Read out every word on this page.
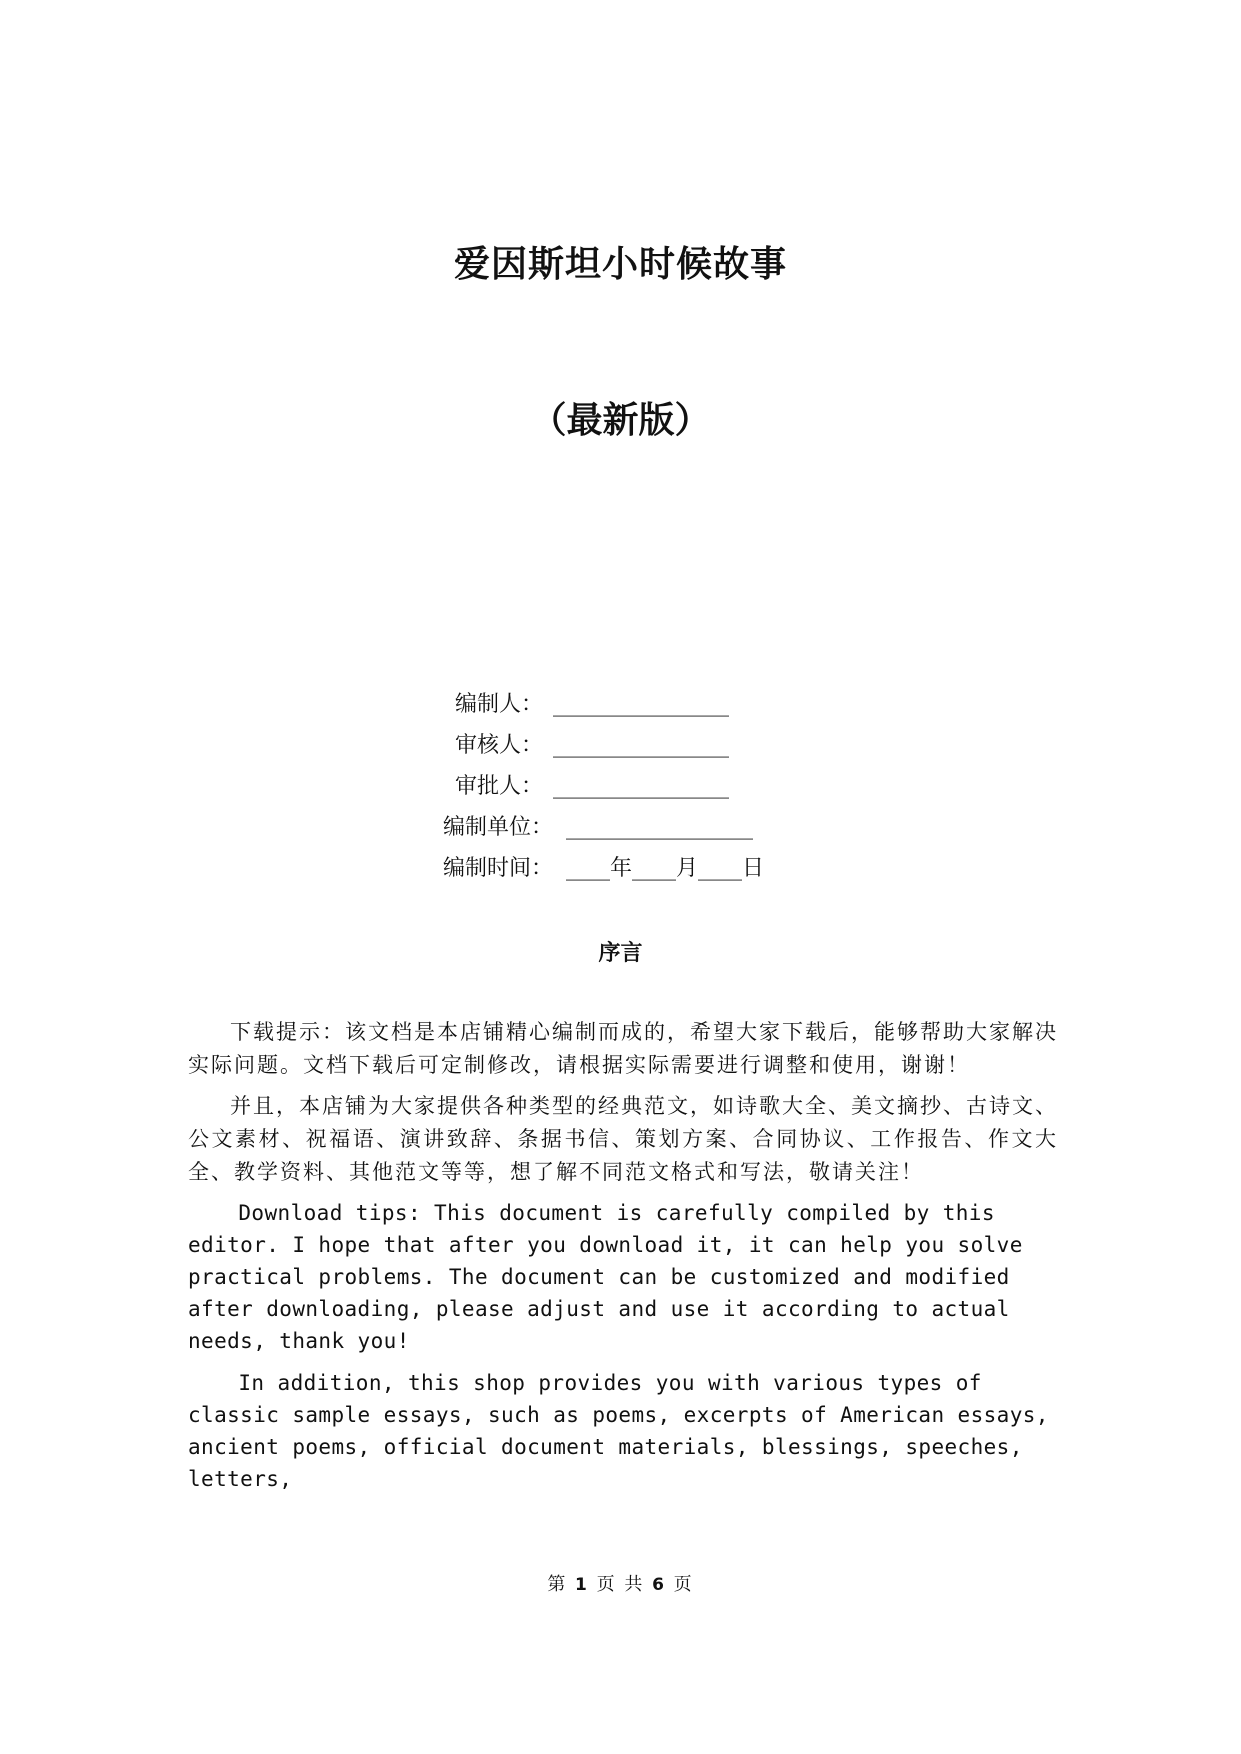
爱因斯坦小时候故事
（最新版）
编制人： ________________
审核人： ________________
审批人： ________________
编制单位： _________________
编制时间： ____年____月____日
序言

下载提示：该文档是本店铺精心编制而成的，希望大家下载后，能够帮助大家解决实际问题。文档下载后可定制修改，请根据实际需要进行调整和使用，谢谢！

并且，本店铺为大家提供各种类型的经典范文，如诗歌大全、美文摘抄、古诗文、公文素材、祝福语、演讲致辞、条据书信、策划方案、合同协议、工作报告、作文大全、教学资料、其他范文等等，想了解不同范文格式和写法，敬请关注！

Download tips: This document is carefully compiled by this editor. I hope that after you download it, it can help you solve practical problems. The document can be customized and modified after downloading, please adjust and use it according to actual needs, thank you!

In addition, this shop provides you with various types of classic sample essays, such as poems, excerpts of American essays, ancient poems, official document materials, blessings, speeches, letters,

第 1 页 共 6 页
